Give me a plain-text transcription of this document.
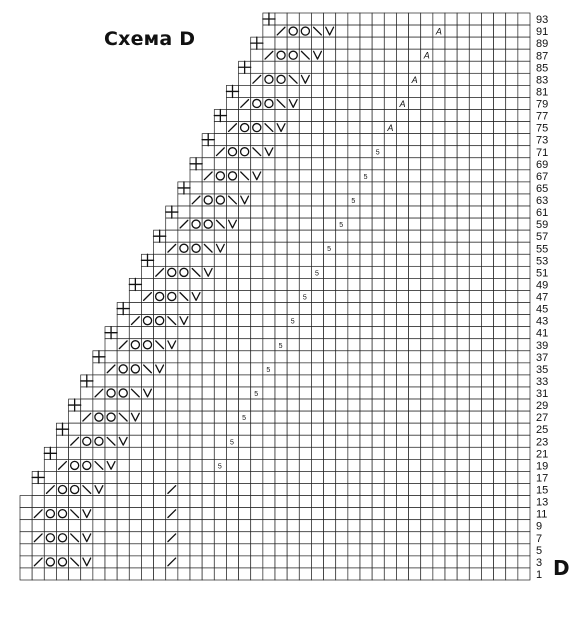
A
A
A
A
A
5
5
5
5
5
5
5
5
5
5
5
5
5
5
93
91
89
87
85
83
81
79
77
75
73
71
69
67
65
63
61
59
57
55
53
51
49
47
45
43
41
39
37
35
33
31
29
27
25
23
21
19
17
15
13
11
9
7
5
3
1
Схема D
D
